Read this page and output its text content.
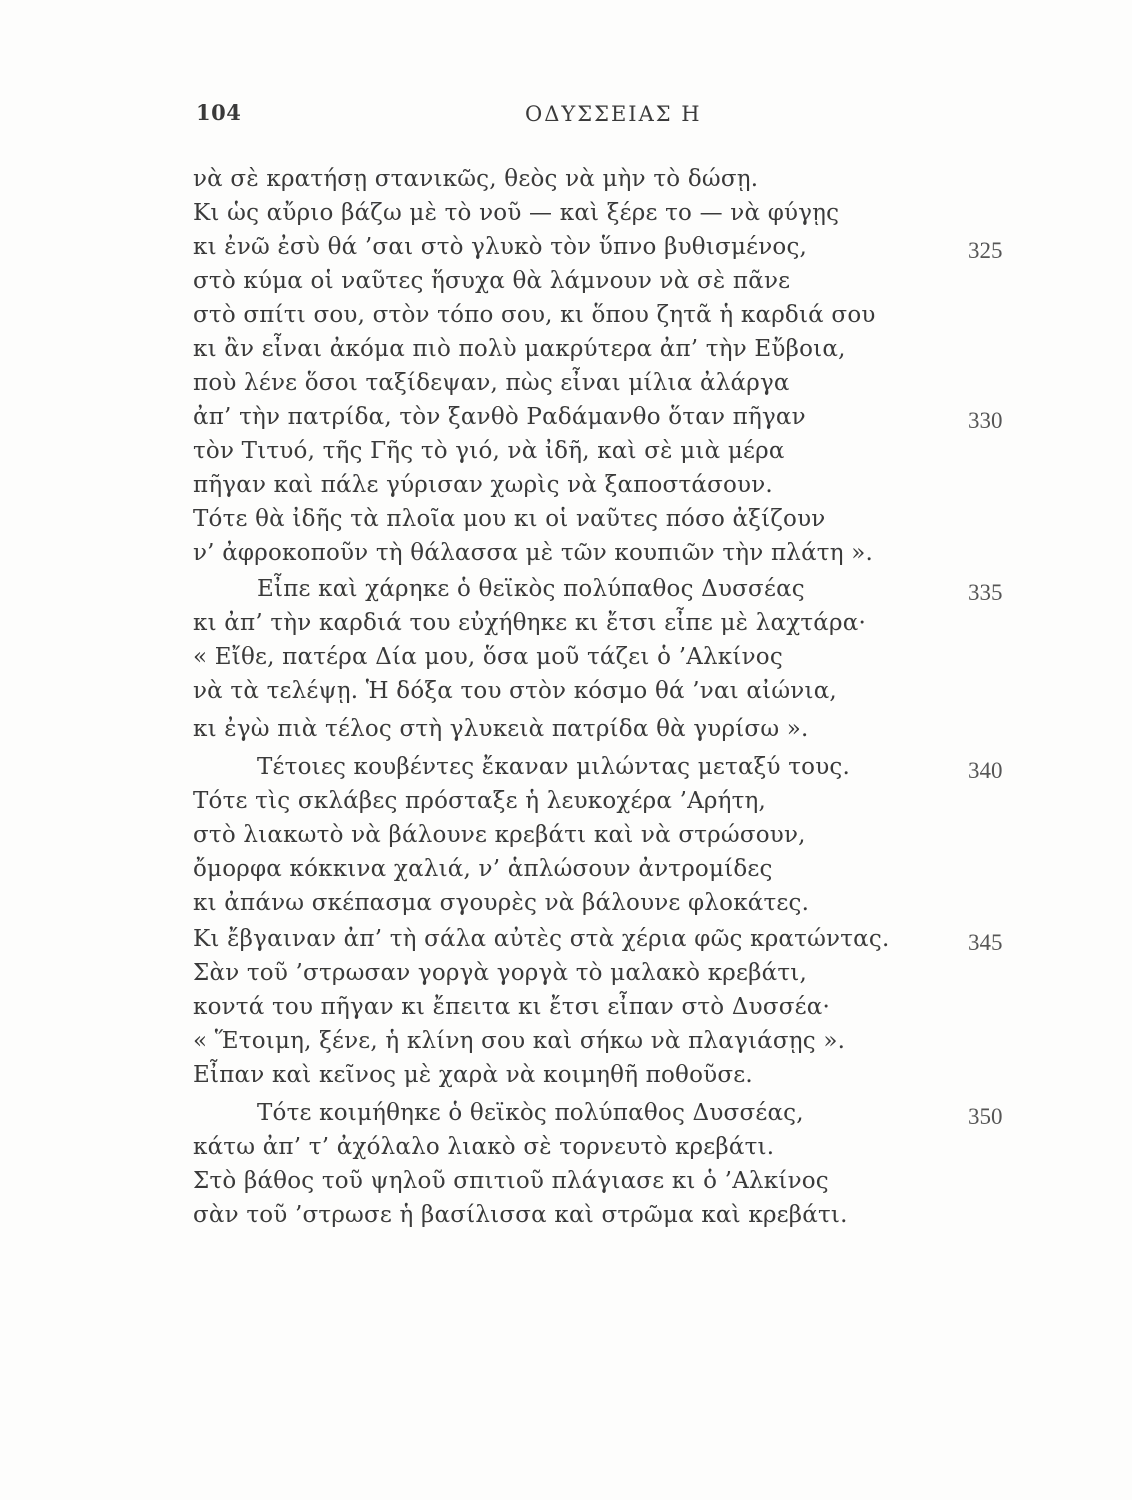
104	ΟΔΥΣΣΕΙΑΣ Η
νὰ σὲ κρατήσῃ στανικῶς, θεὸς νὰ μὴν τὸ δώσῃ.
Κι ὡς αὔριο βάζω μὲ τὸ νοῦ — καὶ ξέρε το — νὰ φύγῃς
κι ἐνῶ ἐσὺ θά ’σαι στὸ γλυκὸ τὸν ὕπνο βυθισμένος,	325
στὸ κύμα οἱ ναῦτες ἥσυχα θὰ λάμνουν νὰ σὲ πᾶνε
στὸ σπίτι σου, στὸν τόπο σου, κι ὅπου ζητᾶ ἡ καρδιά σου
κι ἂν εἶναι ἀκόμα πιὸ πολὺ μακρύτερα ἀπ’ τὴν Εὔβοια,
ποὺ λένε ὅσοι ταξίδεψαν, πὼς εἶναι μίλια ἀλάργα
ἀπ’ τὴν πατρίδα, τὸν ξανθὸ Ραδάμανθο ὅταν πῆγαν	330
τὸν Τιτυό, τῆς Γῆς τὸ γιό, νὰ ἰδῆ, καὶ σὲ μιὰ μέρα
πῆγαν καὶ πάλε γύρισαν χωρὶς νὰ ξαποστάσουν.
Τότε θὰ ἰδῆς τὰ πλοῖα μου κι οἱ ναῦτες πόσο ἀξίζουν
ν’ ἀφροκοποῦν τὴ θάλασσα μὲ τῶν κουπιῶν τὴν πλάτη ».
Εἶπε καὶ χάρηκε ὁ θεϊκὸς πολύπαθος Δυσσέας	335
κι ἀπ’ τὴν καρδιά του εὐχήθηκε κι ἔτσι εἶπε μὲ λαχτάρα·
« Εἴθε, πατέρα Δία μου, ὅσα μοῦ τάζει ὁ ’Αλκίνος
νὰ τὰ τελέψῃ. Ἡ δόξα του στὸν κόσμο θά ’ναι αἰώνια,
κι ἐγὼ πιὰ τέλος στὴ γλυκειὰ πατρίδα θὰ γυρίσω ».
Τέτοιες κουβέντες ἔκαναν μιλώντας μεταξύ τους.	340
Τότε τὶς σκλάβες πρόσταξε ἡ λευκοχέρα ’Αρήτη,
στὸ λιακωτὸ νὰ βάλουνε κρεβάτι καὶ νὰ στρώσουν,
ὄμορφα κόκκινα χαλιά, ν’ ἁπλώσουν ἀντρομίδες
κι ἀπάνω σκέπασμα σγουρὲς νὰ βάλουνε φλοκάτες.
Κι ἔβγαιναν ἀπ’ τὴ σάλα αὐτὲς στὰ χέρια φῶς κρατώντας.	345
Σὰν τοῦ ’στρωσαν γοργὰ γοργὰ τὸ μαλακὸ κρεβάτι,
κοντά του πῆγαν κι ἔπειτα κι ἔτσι εἶπαν στὸ Δυσσέα·
« Ἕτοιμη, ξένε, ἡ κλίνη σου καὶ σήκω νὰ πλαγιάσῃς ».
Εἶπαν καὶ κεῖνος μὲ χαρὰ νὰ κοιμηθῆ ποθοῦσε.
Τότε κοιμήθηκε ὁ θεϊκὸς πολύπαθος Δυσσέας,	350
κάτω ἀπ’ τ’ ἀχόλαλο λιακὸ σὲ τορνευτὸ κρεβάτι.
Στὸ βάθος τοῦ ψηλοῦ σπιτιοῦ πλάγιασε κι ὁ ’Αλκίνος
σὰν τοῦ ’στρωσε ἡ βασίλισσα καὶ στρῶμα καὶ κρεβάτι.
